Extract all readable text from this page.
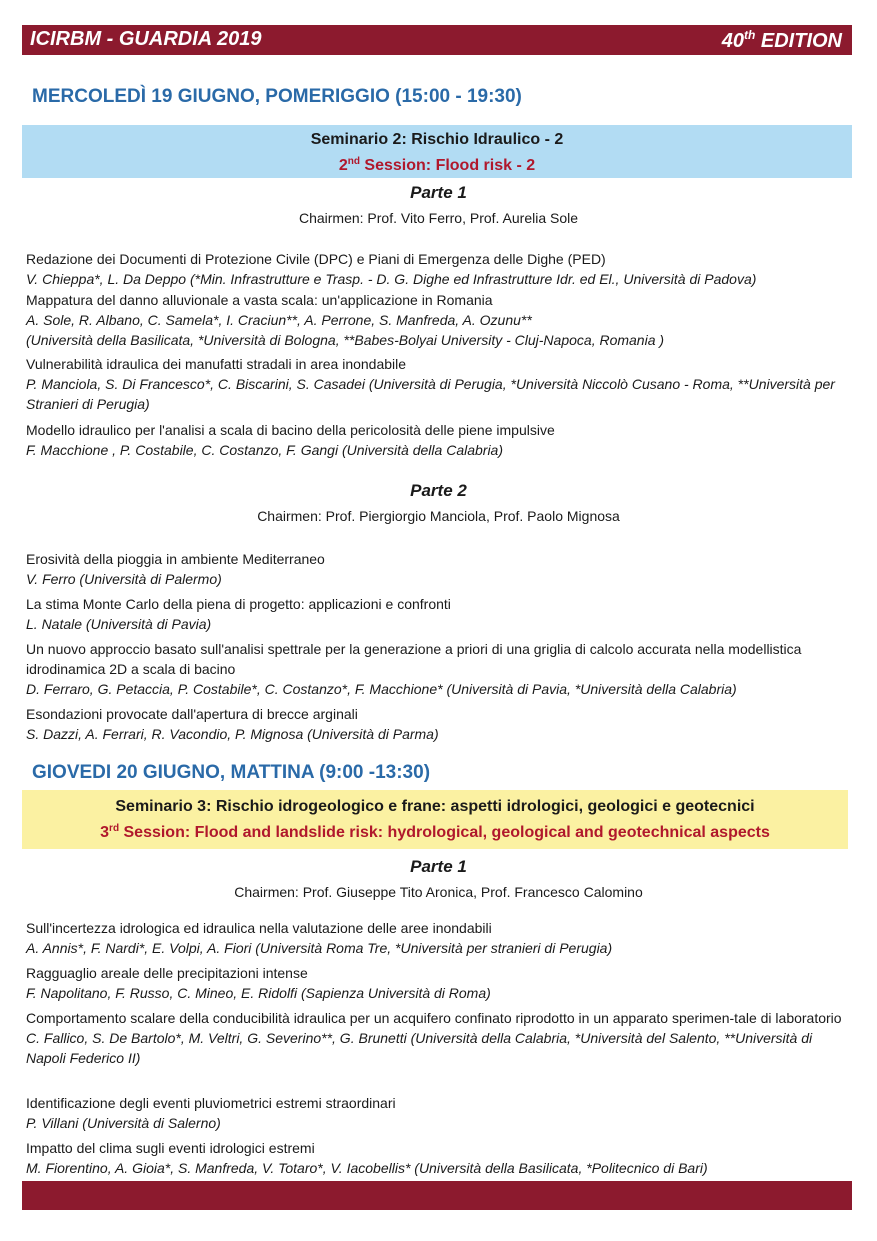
ICIRBM - GUARDIA 2019	40th EDITION
MERCOLEDÌ 19 GIUGNO, POMERIGGIO (15:00 - 19:30)
Seminario 2: Rischio Idraulico - 2
2nd Session: Flood risk - 2
Parte 1
Chairmen: Prof. Vito Ferro, Prof. Aurelia Sole
Redazione dei Documenti di Protezione Civile (DPC) e Piani di Emergenza delle Dighe (PED)
V. Chieppa*, L. Da Deppo (*Min. Infrastrutture e Trasp. - D. G. Dighe ed Infrastrutture Idr. ed El., Università di Padova)
Mappatura del danno alluvionale a vasta scala: un'applicazione in Romania
A. Sole, R. Albano, C. Samela*, I. Craciun**, A. Perrone, S. Manfreda, A. Ozunu**
(Università della Basilicata, *Università di Bologna, **Babes-Bolyai University - Cluj-Napoca, Romania )
Vulnerabilità idraulica dei manufatti stradali in area inondabile
P. Manciola, S. Di Francesco*, C. Biscarini, S. Casadei (Università di Perugia, *Università Niccolò Cusano - Roma, **Università per Stranieri di Perugia)
Modello idraulico per l'analisi a scala di bacino della pericolosità delle piene impulsive
F. Macchione , P. Costabile, C. Costanzo, F. Gangi (Università della Calabria)
Parte 2
Chairmen: Prof. Piergiorgio Manciola, Prof. Paolo Mignosa
Erosività della pioggia in ambiente Mediterraneo
V. Ferro (Università di Palermo)
La stima Monte Carlo della piena di progetto: applicazioni e confronti
L. Natale (Università di Pavia)
Un nuovo approccio basato sull'analisi spettrale per la generazione a priori di una griglia di calcolo accurata nella modellistica idrodinamica 2D a scala di bacino
D. Ferraro, G. Petaccia, P. Costabile*, C. Costanzo*, F. Macchione* (Università di Pavia, *Università della Calabria)
Esondazioni provocate dall'apertura di brecce arginali
S. Dazzi, A. Ferrari, R. Vacondio, P. Mignosa (Università di Parma)
GIOVEDI 20 GIUGNO, MATTINA (9:00 -13:30)
Seminario 3: Rischio idrogeologico e frane: aspetti idrologici, geologici e geotecnici
3rd Session: Flood and landslide risk: hydrological, geological and geotechnical aspects
Parte 1
Chairmen: Prof. Giuseppe Tito Aronica, Prof. Francesco Calomino
Sull'incertezza idrologica ed idraulica nella valutazione delle aree inondabili
A. Annis*, F. Nardi*, E. Volpi, A. Fiori (Università Roma Tre, *Università per stranieri di Perugia)
Ragguaglio areale delle precipitazioni intense
F. Napolitano, F. Russo, C. Mineo, E. Ridolfi (Sapienza Università di Roma)
Comportamento scalare della conducibilità idraulica per un acquifero confinato riprodotto in un apparato sperimen-tale di laboratorio
C. Fallico, S. De Bartolo*, M. Veltri, G. Severino**, G. Brunetti (Università della Calabria, *Università del Salento, **Università di Napoli Federico II)
Identificazione degli eventi pluviometrici estremi straordinari
P. Villani (Università di Salerno)
Impatto del clima sugli eventi idrologici estremi
M. Fiorentino, A. Gioia*, S. Manfreda, V. Totaro*, V. Iacobellis* (Università della Basilicata, *Politecnico di Bari)
